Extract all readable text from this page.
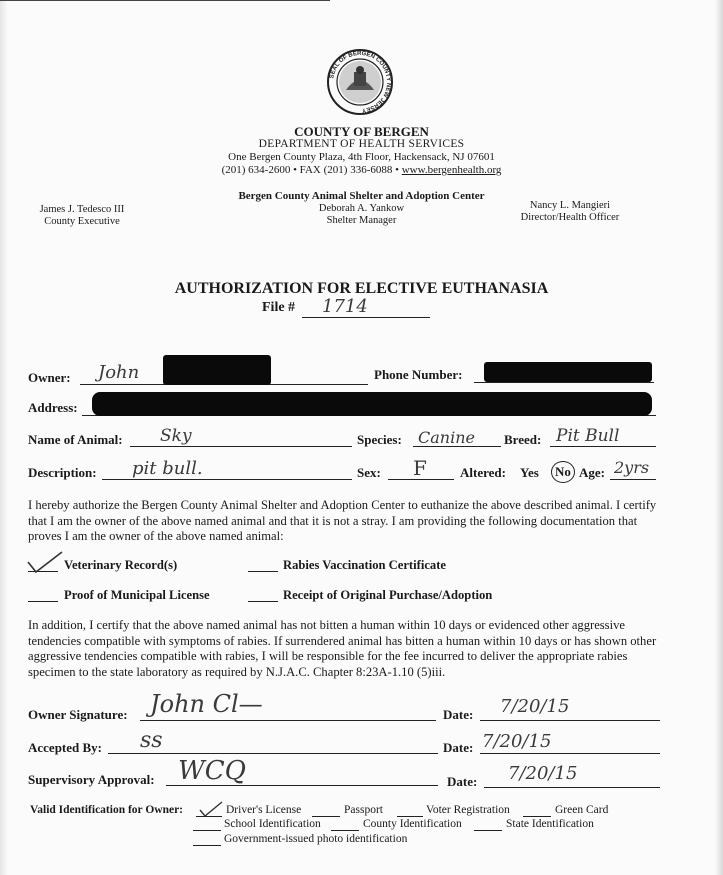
SEAL OF BERGEN COUNTY NEW JERSEY
COUNTY OF BERGEN
DEPARTMENT OF HEALTH SERVICES
One Bergen County Plaza, 4th Floor, Hackensack, NJ 07601
(201) 634-2600 • FAX (201) 336-6088 • www.bergenhealth.org
Bergen County Animal Shelter and Adoption Center
Deborah A. Yankow
Shelter Manager
James J. Tedesco III
County Executive
Nancy L. Mangieri
Director/Health Officer
AUTHORIZATION FOR ELECTIVE EUTHANASIA
File # 1714
Owner: John	Phone Number:
Address:
Name of Animal: Sky	Species: Canine Breed: Pit Bull
Description: pit bull.	Sex: F	Altered: Yes	No Age: 2yrs
I hereby authorize the Bergen County Animal Shelter and Adoption Center to euthanize the above described animal. I certify that I am the owner of the above named animal and that it is not a stray. I am providing the following documentation that proves I am the owner of the above named animal:
Veterinary Record(s)	Rabies Vaccination Certificate
Proof of Municipal License	Receipt of Original Purchase/Adoption
In addition, I certify that the above named animal has not bitten a human within 10 days or evidenced other aggressive tendencies compatible with symptoms of rabies. If surrendered animal has bitten a human within 10 days or has shown other aggressive tendencies compatible with rabies, I will be responsible for the fee incurred to deliver the appropriate rabies specimen to the state laboratory as required by N.J.A.C. Chapter 8:23A-1.10 (5)iii.
Owner Signature: John Cl—	Date: 7/20/15
Accepted By: ss	Date: 7/20/15
Supervisory Approval: WCQ	Date: 7/20/15
Valid Identification for Owner:	Driver's License	Passport	Voter Registration	Green Card
School Identification	County Identification	State Identification
Government-issued photo identification
